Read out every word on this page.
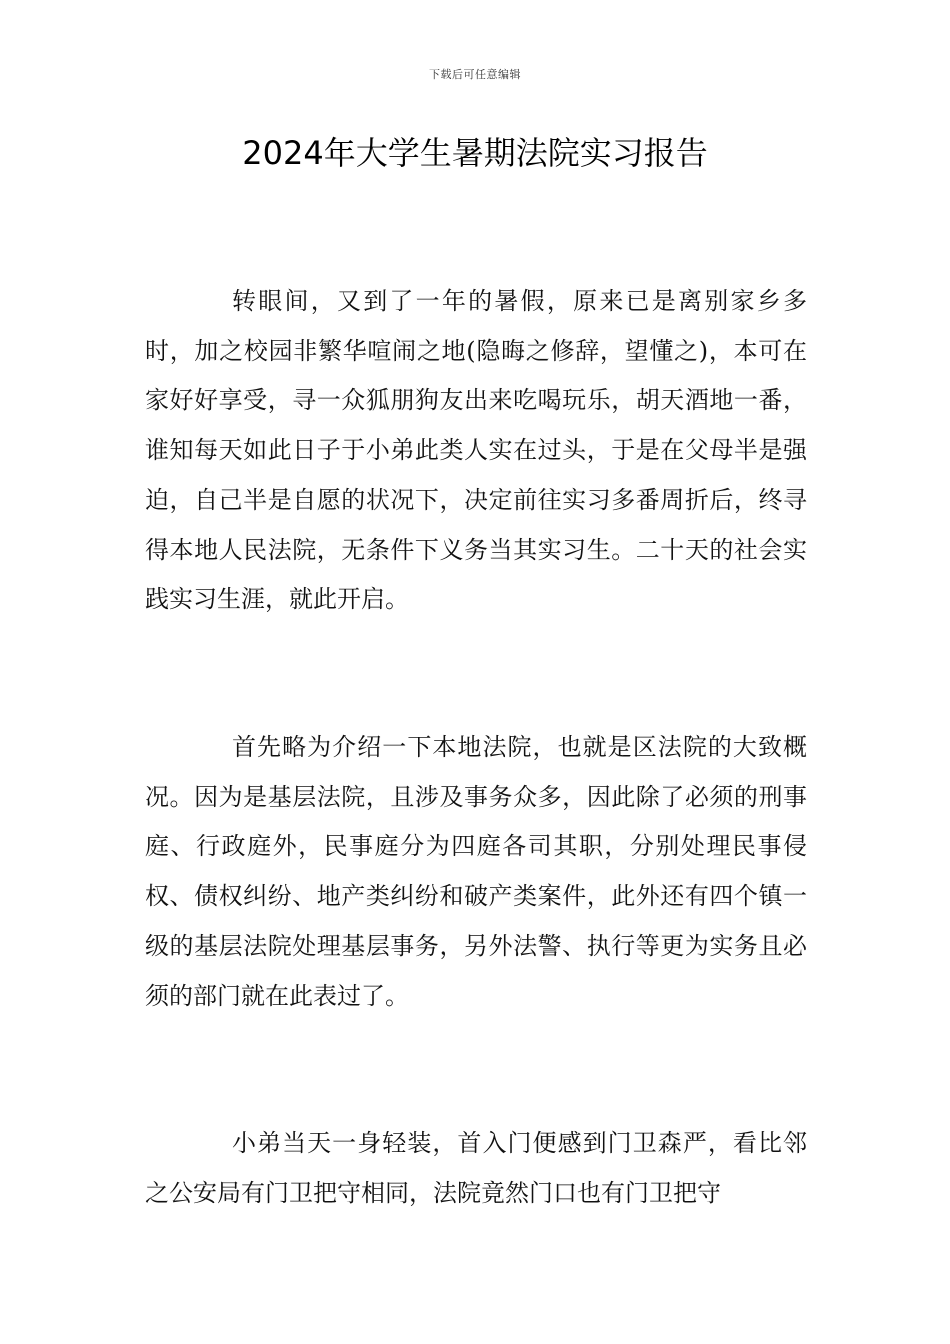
下载后可任意编辑
2024年大学生暑期法院实习报告

转眼间，又到了一年的暑假，原来已是离别家乡多时，加之校园非繁华喧闹之地(隐晦之修辞，望懂之)，本可在家好好享受，寻一众狐朋狗友出来吃喝玩乐，胡天酒地一番，谁知每天如此日子于小弟此类人实在过头，于是在父母半是强迫，自己半是自愿的状况下，决定前往实习多番周折后，终寻得本地人民法院，无条件下义务当其实习生。二十天的社会实践实习生涯，就此开启。

首先略为介绍一下本地法院，也就是区法院的大致概况。因为是基层法院，且涉及事务众多，因此除了必须的刑事庭、行政庭外，民事庭分为四庭各司其职，分别处理民事侵权、债权纠纷、地产类纠纷和破产类案件，此外还有四个镇一级的基层法院处理基层事务，另外法警、执行等更为实务且必须的部门就在此表过了。

小弟当天一身轻装，首入门便感到门卫森严，看比邻之公安局有门卫把守相同，法院竟然门口也有门卫把守
